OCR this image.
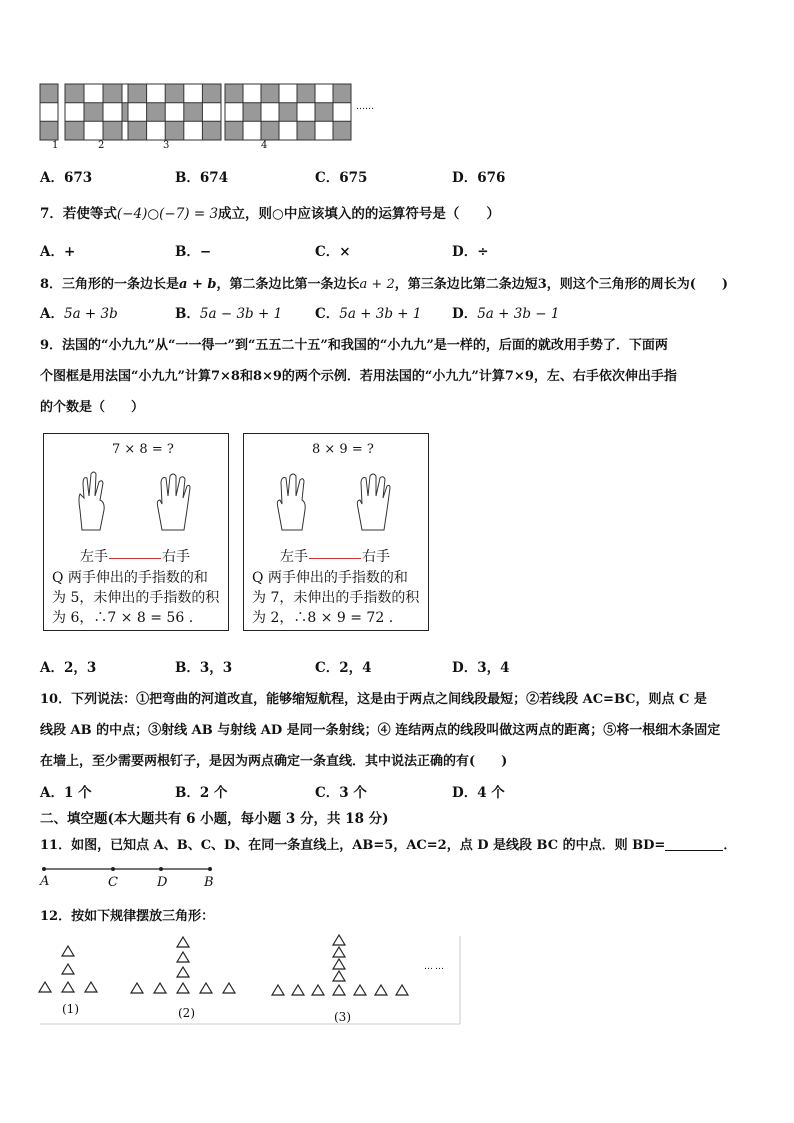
1	2	3	4
……
A．673	B．674	C．675	D．676
7．若使等式(−4)○(−7) = 3成立，则○中应该填入的的运算符号是（　　）
A．+	B．−	C．×	D．÷
8．三角形的一条边长是a + b，第二条边比第一条边长a + 2，第三条边比第二条边短3，则这个三角形的周长为(　　)
A．5a + 3b	B．5a − 3b + 1 C．5a + 3b + 1 D．5a + 3b − 1
9．法国的“小九九”从“一一得一”到“五五二十五”和我国的“小九九”是一样的，后面的就改用手势了．下面两
个图框是用法国“小九九”计算7×8和8×9的两个示例．若用法国的“小九九”计算7×9，左、右手依次伸出手指
的个数是（　　）
7 × 8 = ?
左手	右手
Q 两手伸出的手指数的和
为 5，未伸出的手指数的积
为 6，∴7 × 8 = 56 .
8 × 9 = ?
左手	右手
Q 两手伸出的手指数的和
为 7，未伸出的手指数的积
为 2，∴8 × 9 = 72 .
A．2，3	B．3，3	C．2，4	D．3，4
10．下列说法：①把弯曲的河道改直，能够缩短航程，这是由于两点之间线段最短；②若线段 AC=BC，则点 C 是
线段 AB 的中点；③射线 AB 与射线 AD 是同一条射线；④ 连结两点的线段叫做这两点的距离；⑤将一根细木条固定
在墙上，至少需要两根钉子，是因为两点确定一条直线．其中说法正确的有(　　)
A．1 个	B．2 个	C．3 个	D．4 个
二、填空题(本大题共有 6 小题，每小题 3 分，共 18 分)
11．如图，已知点 A、B、C、D、在同一条直线上，AB=5，AC=2，点 D 是线段 BC 的中点．则 BD=	．
A	C	D	B
12．按如下规律摆放三角形：
(1)	(2)	(3)
……
